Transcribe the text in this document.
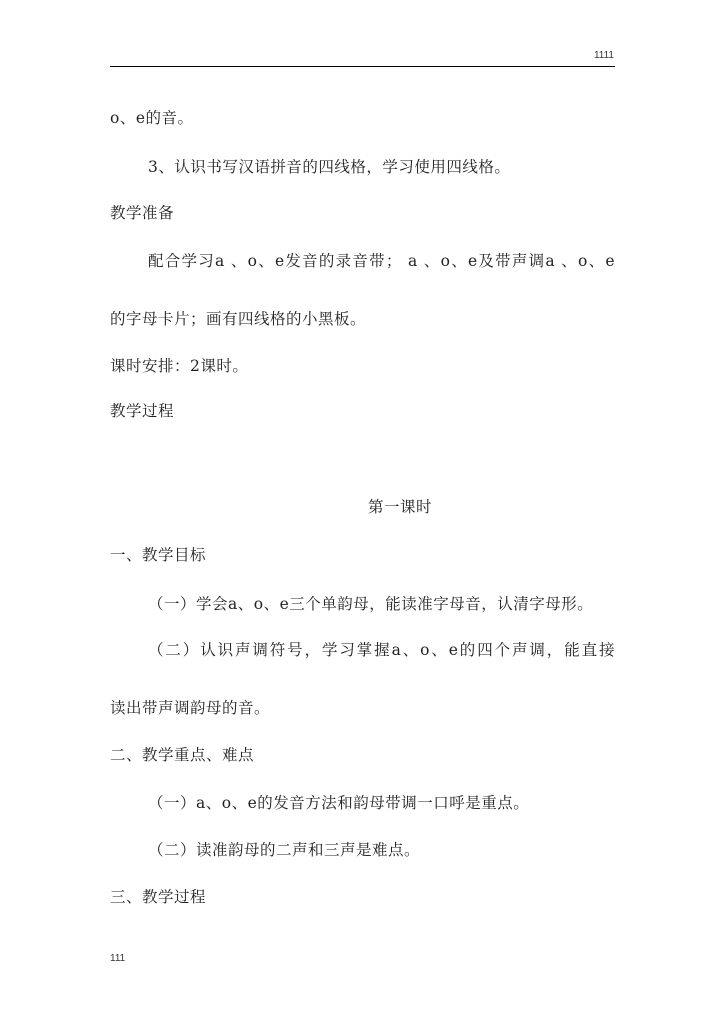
1111
o、e的音。
3、认识书写汉语拼音的四线格，学习使用四线格。
教学准备
配合学习a 、o、e发音的录音带； a 、o、e及带声调a 、o、e
的字母卡片；画有四线格的小黑板。
课时安排：2课时。
教学过程
第一课时
一、教学目标
（一）学会a、o、e三个单韵母，能读准字母音，认清字母形。
（二）认识声调符号，学习掌握a、o、e的四个声调，能直接
读出带声调韵母的音。
二、教学重点、难点
（一）a、o、e的发音方法和韵母带调一口呼是重点。
（二）读准韵母的二声和三声是难点。
三、教学过程
111
